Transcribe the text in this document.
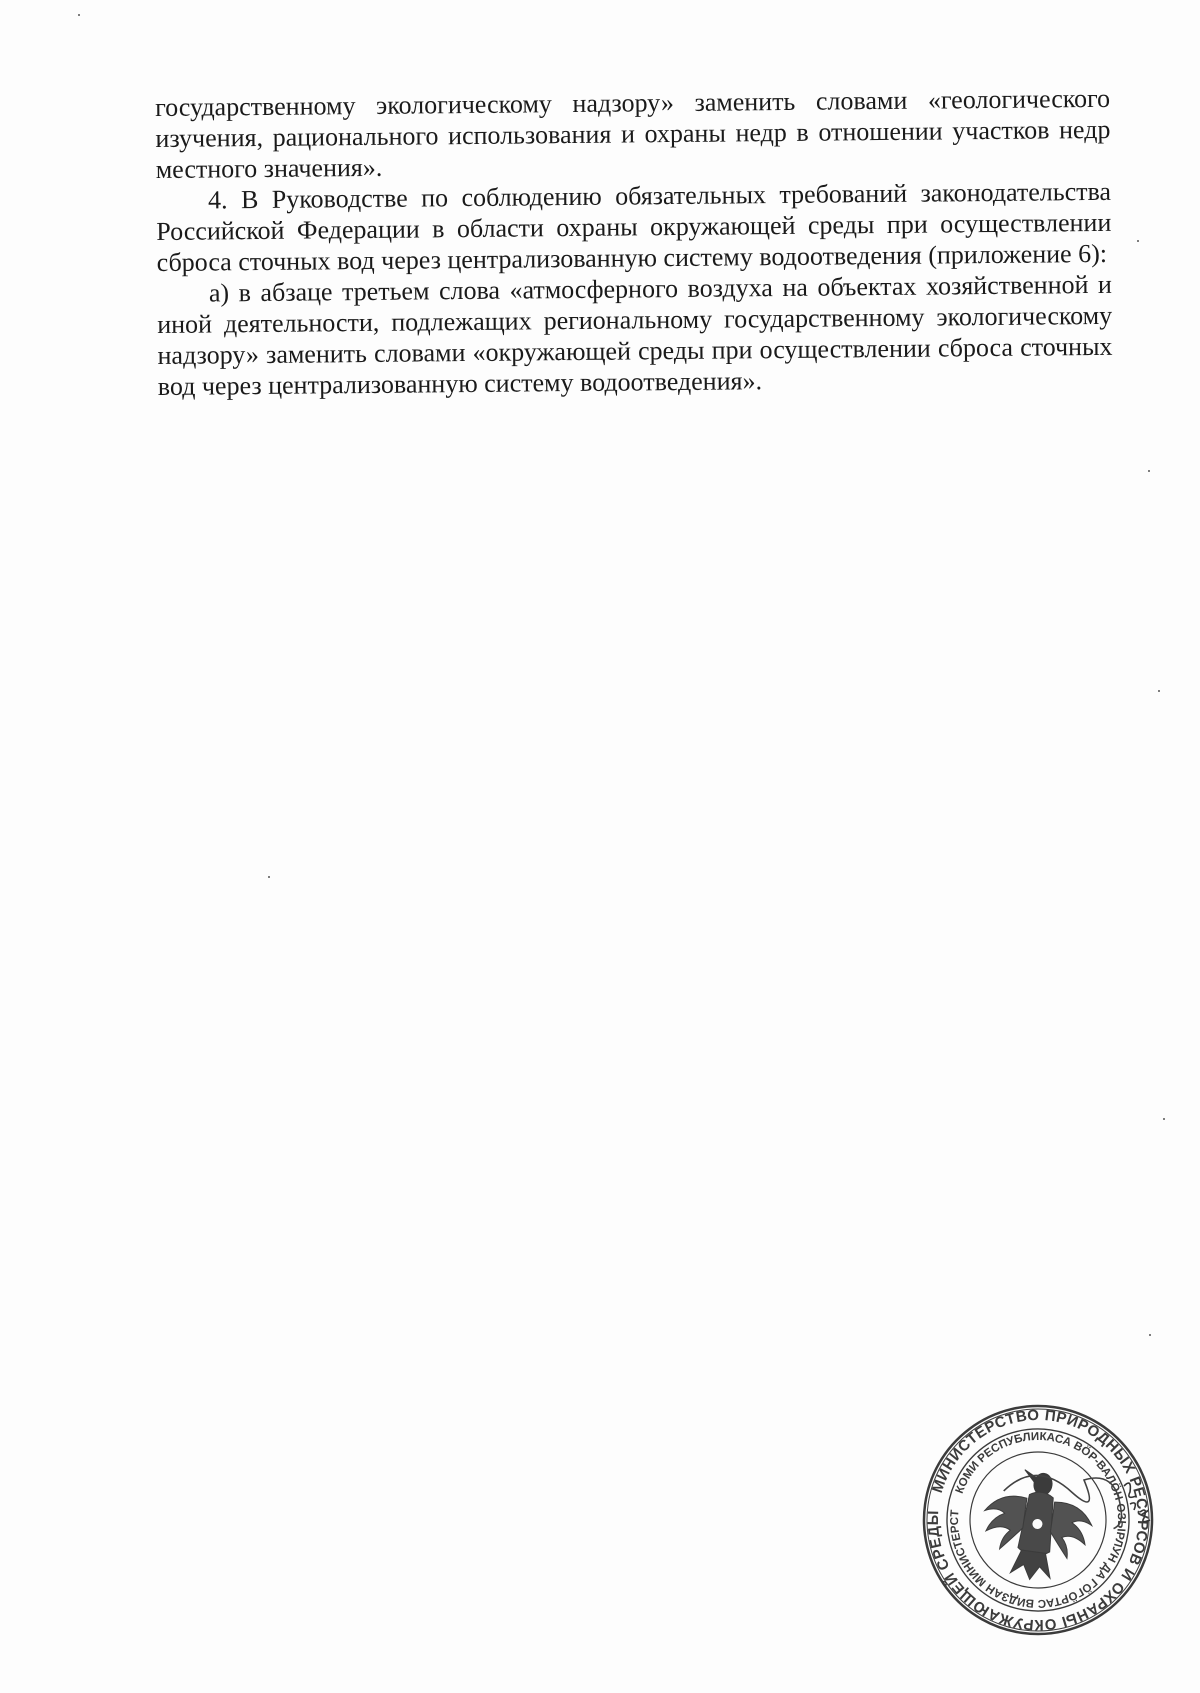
государственному экологическому надзору» заменить словами «геологического изучения, рационального использования и охраны недр в отношении участков недр местного значения».

4. В Руководстве по соблюдению обязательных требований законодательства Российской Федерации в области охраны окружающей среды при осуществлении сброса сточных вод через централизованную систему водоотведения (приложение 6):

а) в абзаце третьем слова «атмосферного воздуха на объектах хозяйственной и иной деятельности, подлежащих региональному государственному экологическому надзору» заменить словами «окружающей среды при осуществлении сброса сточных вод через централизованную систему водоотведения».

МИНИСТЕРСТВО ПРИРОДНЫХ РЕСУРСОВ И ОХРАНЫ ОКРУЖАЮЩЕЙ СРЕДЫ
КОМИ РЕСПУБЛИКАСА ВӦР-ВАЛӦН ОЗЫРЛУН ДА ГӦГӦРТАС ВИДЗАН МИНИСТЕРСТВО
